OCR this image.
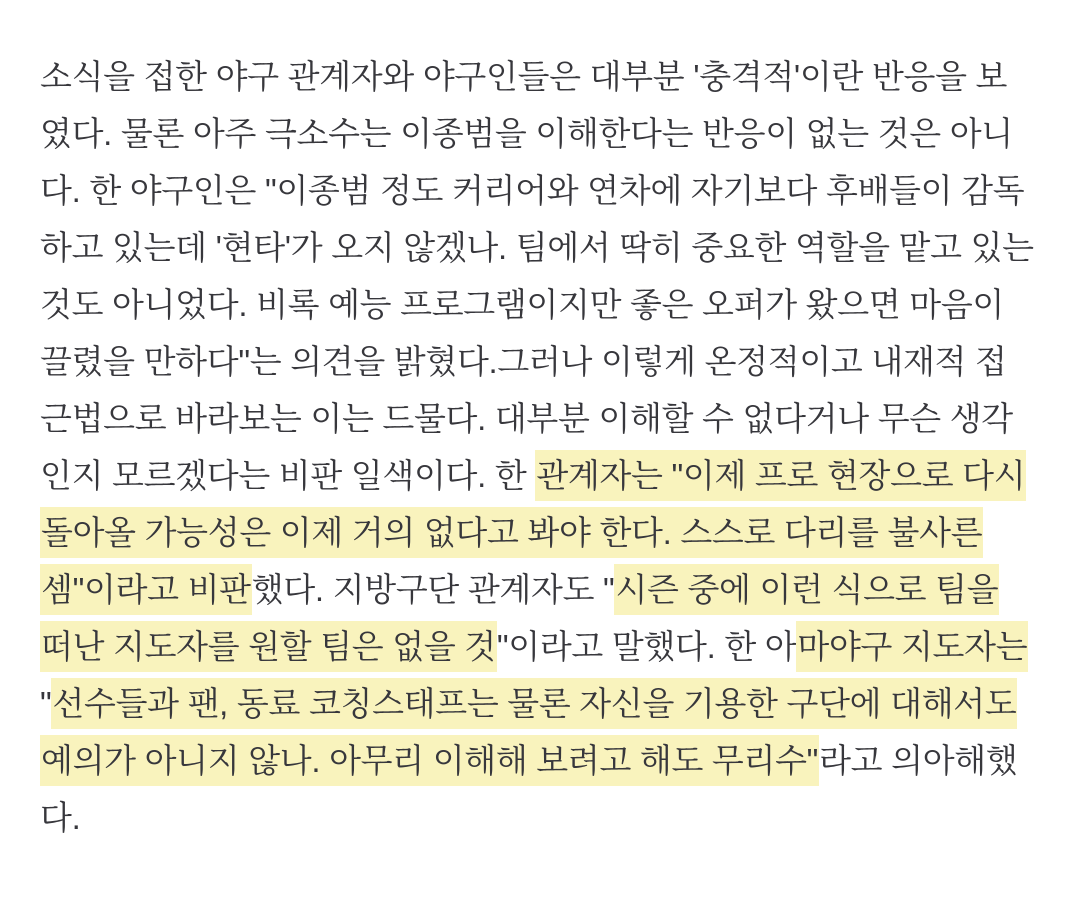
소식을 접한 야구 관계자와 야구인들은 대부분 '충격적'이란 반응을 보
였다. 물론 아주 극소수는 이종범을 이해한다는 반응이 없는 것은 아니
다. 한 야구인은 "이종범 정도 커리어와 연차에 자기보다 후배들이 감독
하고 있는데 '현타'가 오지 않겠나. 팀에서 딱히 중요한 역할을 맡고 있는
것도 아니었다. 비록 예능 프로그램이지만 좋은 오퍼가 왔으면 마음이
끌렸을 만하다"는 의견을 밝혔다.그러나 이렇게 온정적이고 내재적 접
근법으로 바라보는 이는 드물다. 대부분 이해할 수 없다거나 무슨 생각
인지 모르겠다는 비판 일색이다. 한 관계자는 "이제 프로 현장으로 다시
돌아올 가능성은 이제 거의 없다고 봐야 한다. 스스로 다리를 불사른
셈"이라고 비판했다. 지방구단 관계자도 "시즌 중에 이런 식으로 팀을
떠난 지도자를 원할 팀은 없을 것"이라고 말했다. 한 아마야구 지도자는
"선수들과 팬, 동료 코칭스태프는 물론 자신을 기용한 구단에 대해서도
예의가 아니지 않나. 아무리 이해해 보려고 해도 무리수"라고 의아해했
다.
